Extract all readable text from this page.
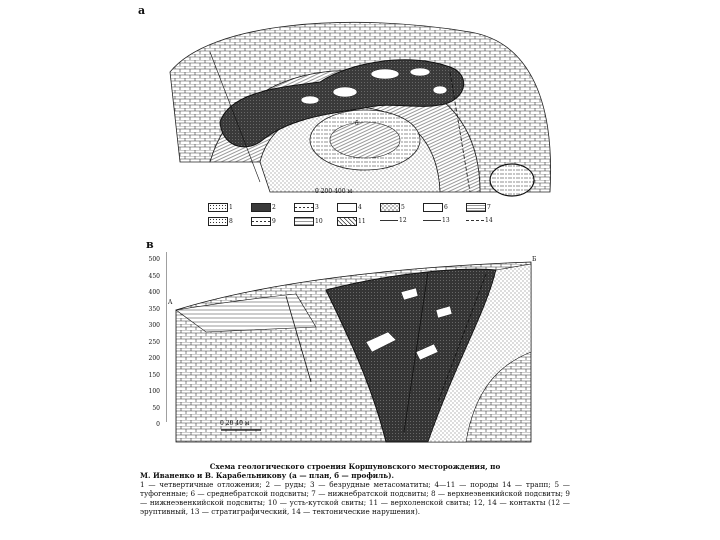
a
б
0 200 400 м
1	2	3	4	5	6	7
8	9	10	11	12	13	14
в
500
450
400
350
300
250
200
150
100
50
0
A
Б
0 20 40 м
Схема геологического строения Коршуновского месторождения, по
М. Иваненко и В. Карабельникову (а — план, б — профиль).
1 — четвертичные отложения; 2 — руды; 3 — безрудные метасоматиты; 4—11 — породы 14 — трапп; 5 — туфогенные; 6 — среднебратской подсвиты; 7 — нижнебратской подсвиты; 8 — верхнеэвенкийской подсвиты; 9 — нижнеэвенкийской подсвиты; 10 — усть-кутской свиты; 11 — верхоленской свиты; 12, 14 — контакты (12 — эруптивный, 13 — стратиграфический, 14 — тектонические нарушения).
